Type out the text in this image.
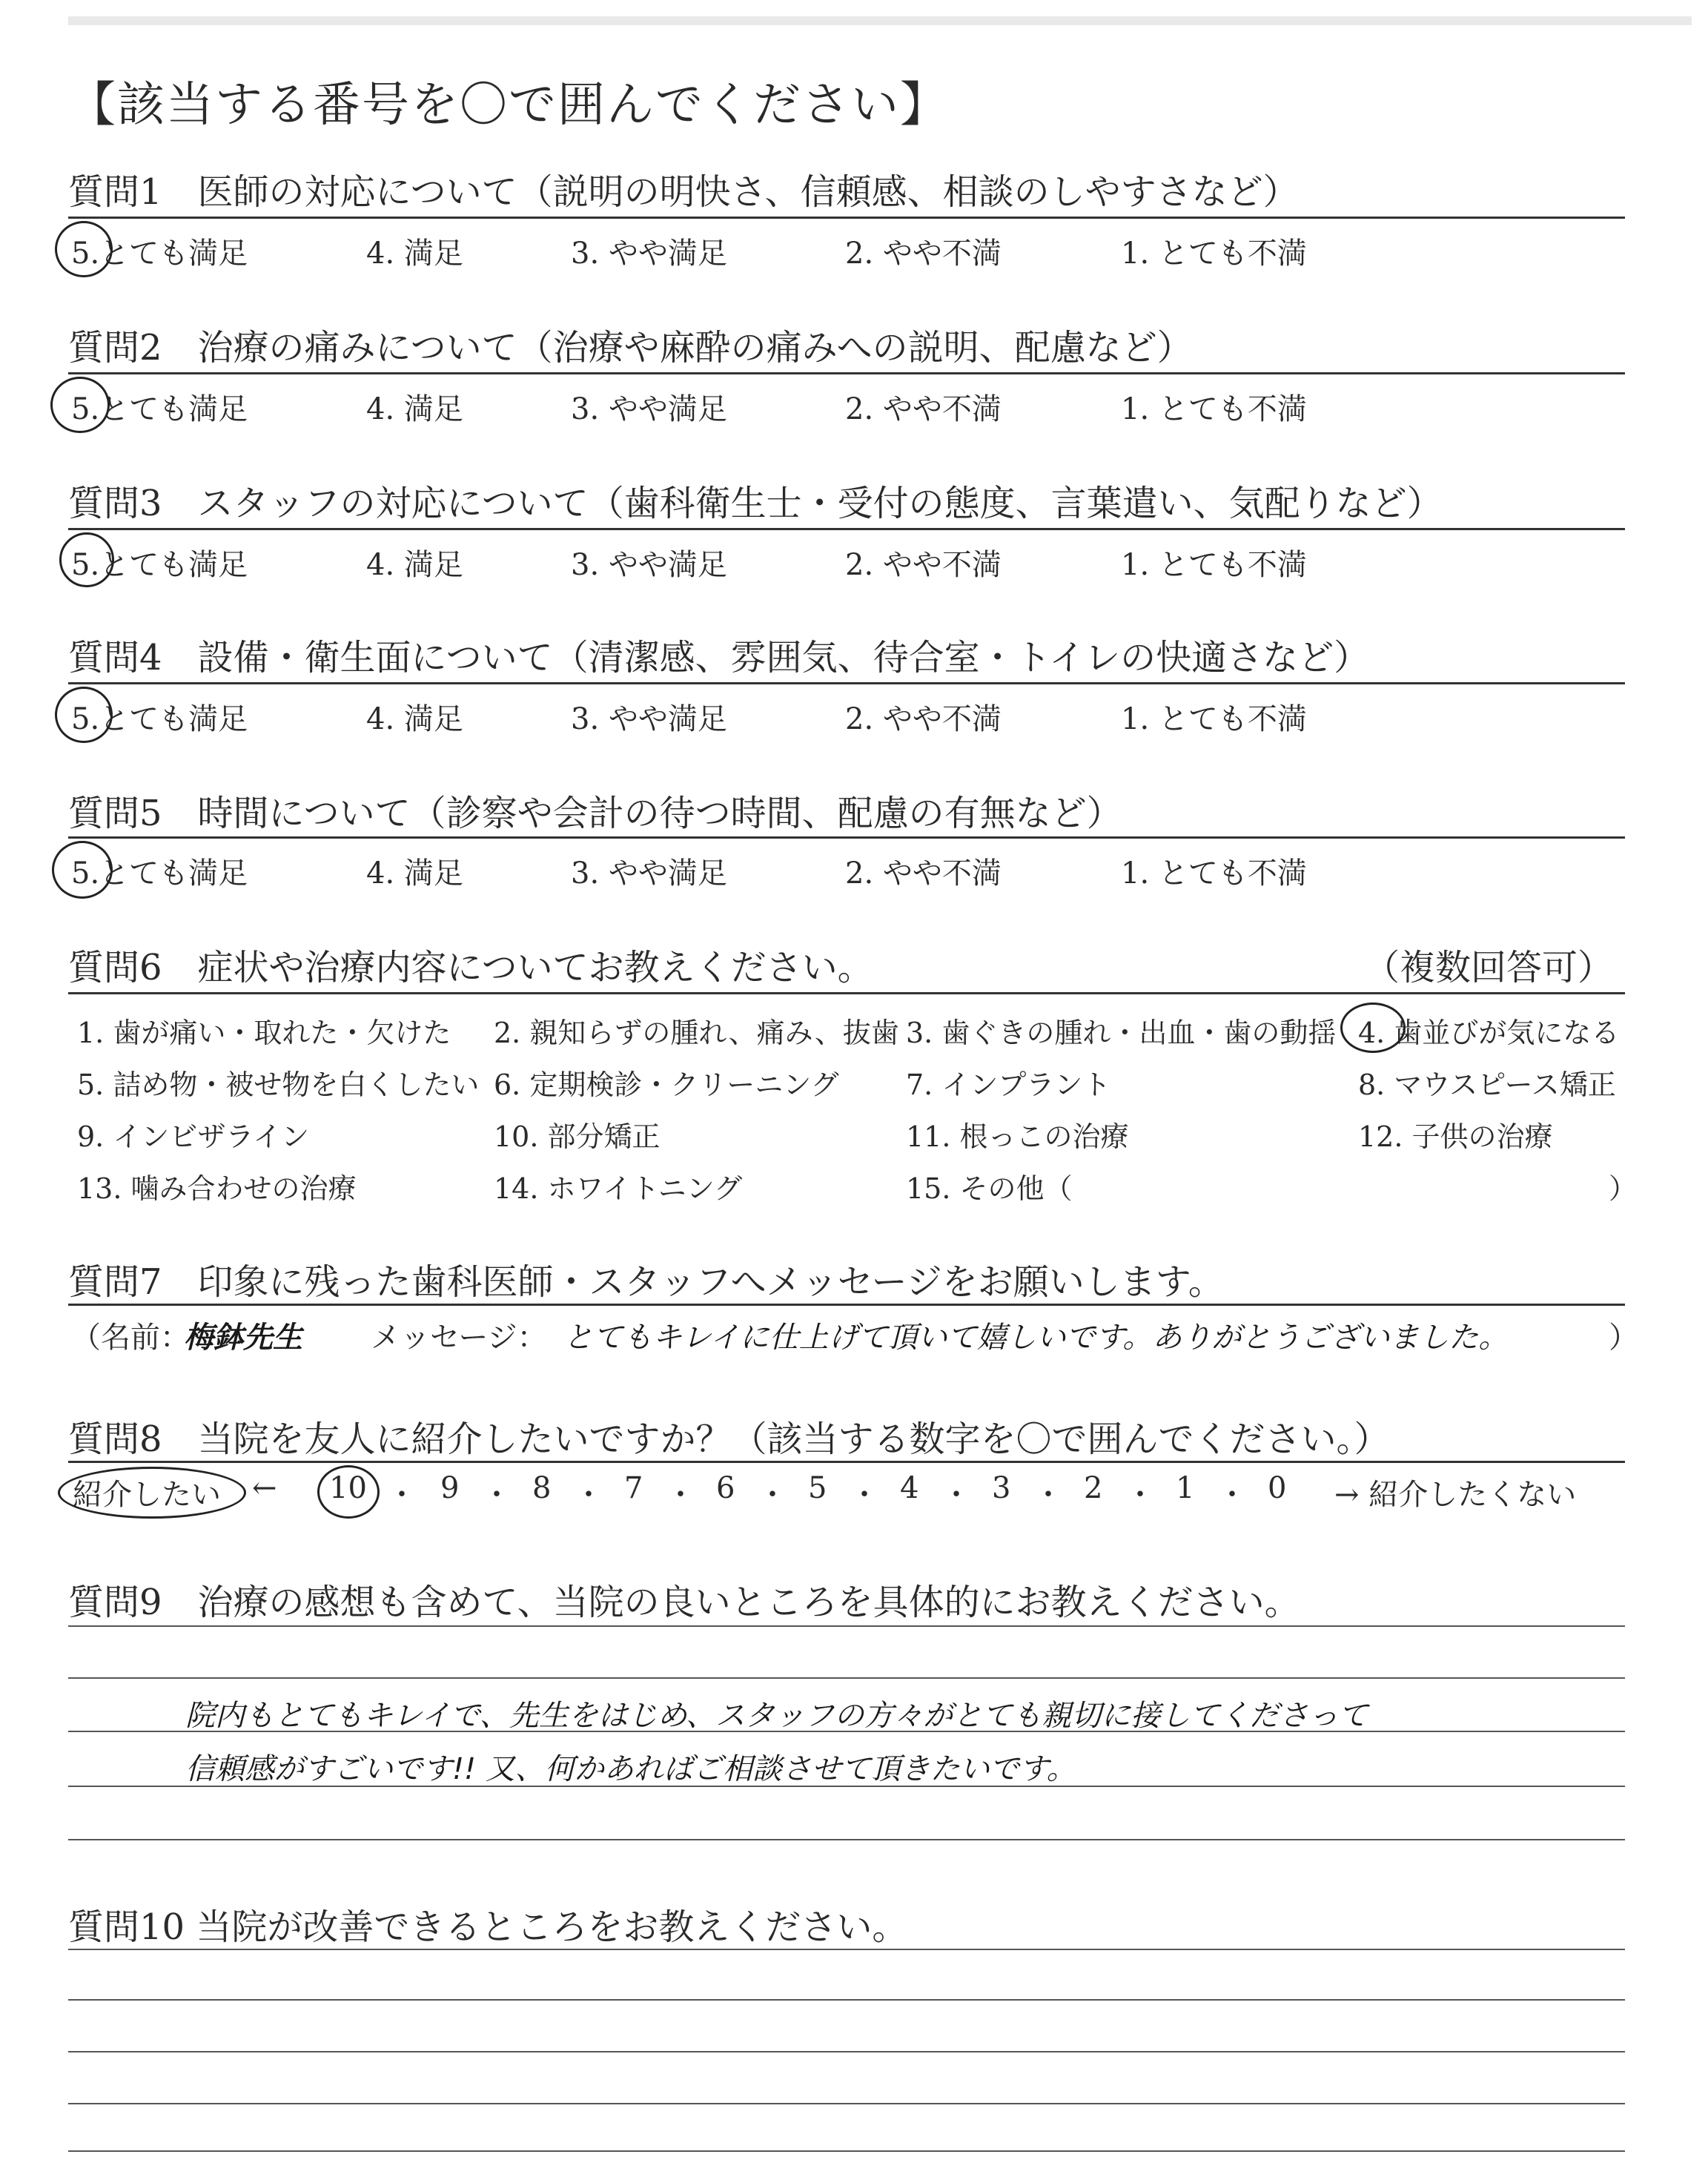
【該当する番号を〇で囲んでください】
質問1　医師の対応について（説明の明快さ、信頼感、相談のしやすさなど）
5.とても満足	4. 満足	3. やや満足	2. やや不満	1. とても不満
質問2　治療の痛みについて（治療や麻酔の痛みへの説明、配慮など）
5.とても満足	4. 満足	3. やや満足	2. やや不満	1. とても不満
質問3　スタッフの対応について（歯科衛生士・受付の態度、言葉遣い、気配りなど）
5.とても満足	4. 満足	3. やや満足	2. やや不満	1. とても不満
質問4　設備・衛生面について（清潔感、雰囲気、待合室・トイレの快適さなど）
5.とても満足	4. 満足	3. やや満足	2. やや不満	1. とても不満
質問5　時間について（診察や会計の待つ時間、配慮の有無など）
5.とても満足	4. 満足	3. やや満足	2. やや不満	1. とても不満
質問6　症状や治療内容についてお教えください。	（複数回答可）
1. 歯が痛い・取れた・欠けた 2. 親知らずの腫れ、痛み、抜歯 3. 歯ぐきの腫れ・出血・歯の動揺 4. 歯並びが気になる
5. 詰め物・被せ物を白くしたい 6. 定期検診・クリーニング 7. インプラント	8. マウスピース矯正
9. インビザライン	10. 部分矯正	11. 根っこの治療	12. 子供の治療
13. 噛み合わせの治療	14. ホワイトニング	15. その他（	）
質問7　印象に残った歯科医師・スタッフへメッセージをお願いします。
（名前：
梅鉢先生 メッセージ： とてもキレイに仕上げて頂いて嬉しいです。ありがとうございました。	）
質問8　当院を友人に紹介したいですか？（該当する数字を〇で囲んでください。）
紹介したい ← 10 ・ 9 ・ 8 ・ 7 ・ 6 ・ 5 ・ 4 ・ 3 ・ 2 ・ 1 ・ 0 → 紹介したくない
質問9　治療の感想も含めて、当院の良いところを具体的にお教えください。
院内もとてもキレイで、先生をはじめ、スタッフの方々がとても親切に接してくださって
信頼感がすごいです!! 又、何かあればご相談させて頂きたいです。
質問10 当院が改善できるところをお教えください。
